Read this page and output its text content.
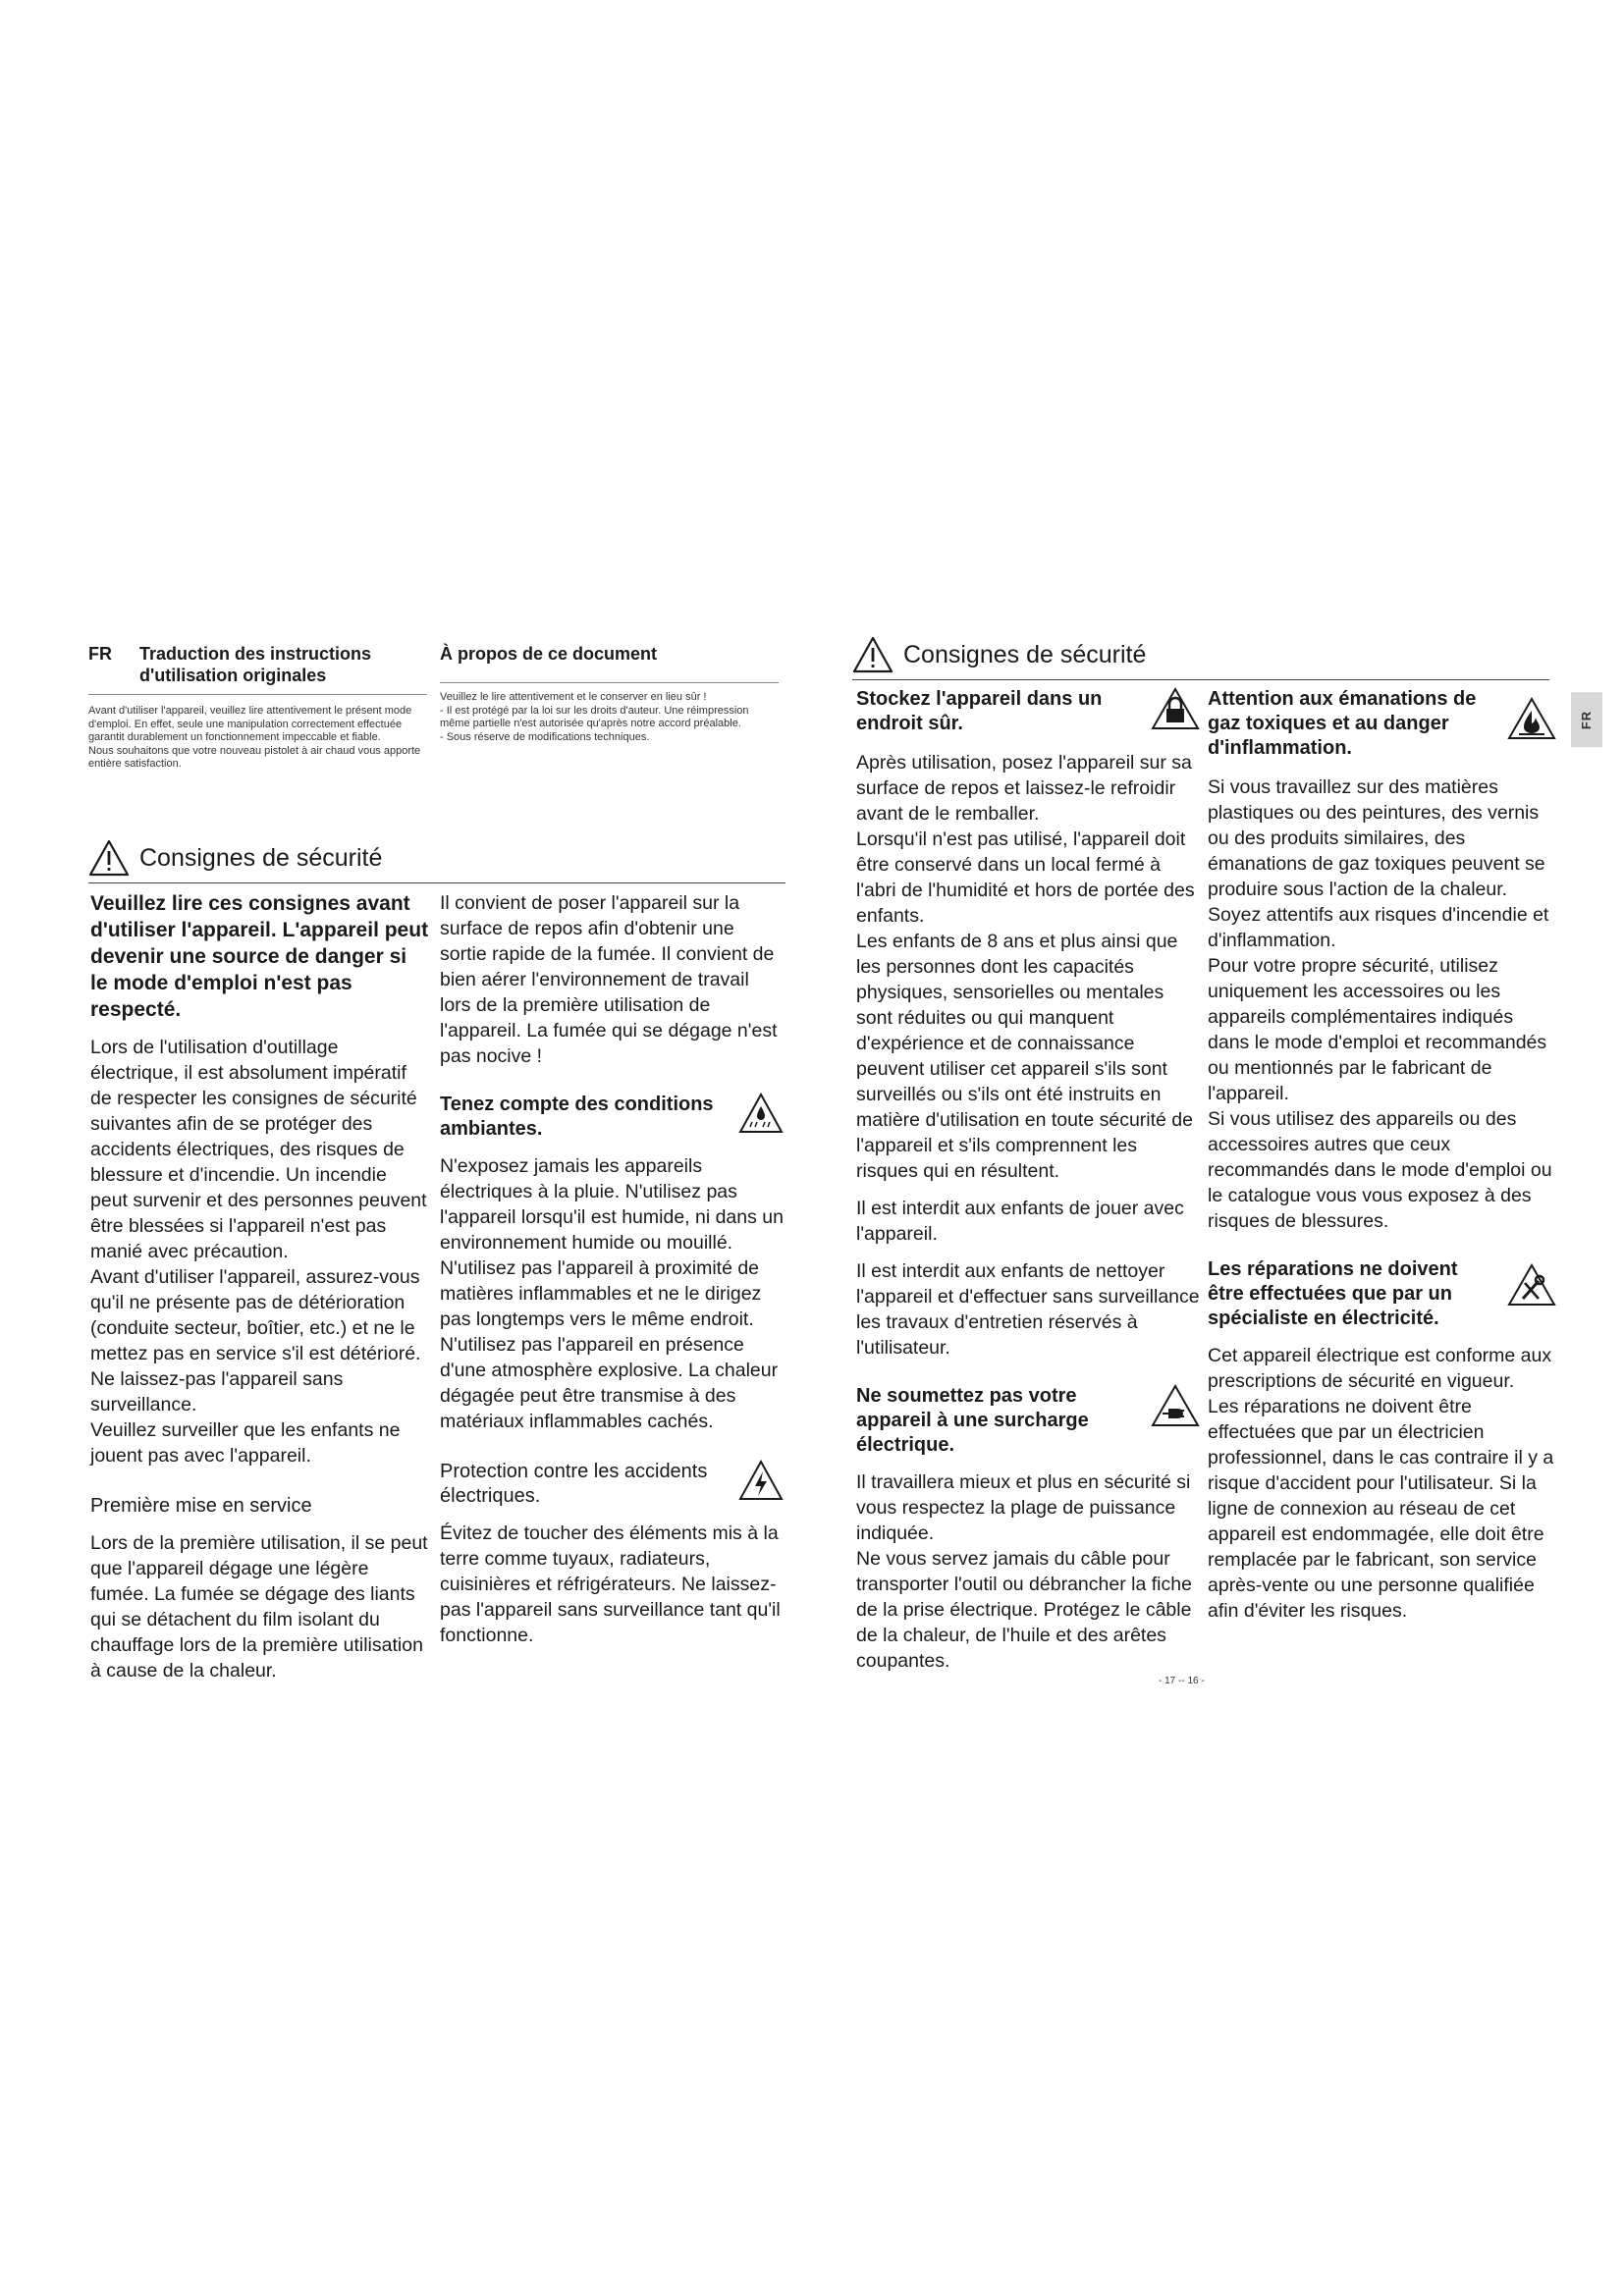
FR Traduction des instructions d'utilisation originales
Avant d'utiliser l'appareil, veuillez lire attentivement le présent mode d'emploi. En effet, seule une manipulation correctement effectuée garantit durablement un fonctionnement impeccable et fiable.
Nous souhaitons que votre nouveau pistolet à air chaud vous apporte entière satisfaction.
À propos de ce document
Veuillez le lire attentivement et le conserver en lieu sûr !
- Il est protégé par la loi sur les droits d'auteur. Une réimpression même partielle n'est autorisée qu'après notre accord préalable.
- Sous réserve de modifications techniques.
Consignes de sécurité

Veuillez lire ces consignes avant d'utiliser l'appareil. L'appareil peut devenir une source de danger si le mode d'emploi n'est pas respecté.

Lors de l'utilisation d'outillage électrique, il est absolument impératif de respecter les consignes de sécurité suivantes afin de se protéger des accidents électriques, des risques de blessure et d'incendie. Un incendie peut survenir et des personnes peuvent être blessées si l'appareil n'est pas manié avec précaution.

Avant d'utiliser l'appareil, assurez-vous qu'il ne présente pas de détérioration (conduite secteur, boîtier, etc.) et ne le mettez pas en service s'il est détérioré.

Ne laissez-pas l'appareil sans surveillance.

Veuillez surveiller que les enfants ne jouent pas avec l'appareil.

Première mise en service

Lors de la première utilisation, il se peut que l'appareil dégage une légère fumée. La fumée se dégage des liants qui se détachent du film isolant du chauffage lors de la première utilisation à cause de la chaleur.

Il convient de poser l'appareil sur la surface de repos afin d'obtenir une sortie rapide de la fumée. Il convient de bien aérer l'environnement de travail lors de la première utilisation de l'appareil. La fumée qui se dégage n'est pas nocive !

Tenez compte des conditions ambiantes.

N'exposez jamais les appareils électriques à la pluie. N'utilisez pas l'appareil lorsqu'il est humide, ni dans un environnement humide ou mouillé.

N'utilisez pas l'appareil à proximité de matières inflammables et ne le dirigez pas longtemps vers le même endroit.

N'utilisez pas l'appareil en présence d'une atmosphère explosive. La chaleur dégagée peut être transmise à des matériaux inflammables cachés.

Protection contre les accidents électriques.

Évitez de toucher des éléments mis à la terre comme tuyaux, radiateurs, cuisinières et réfrigérateurs. Ne laissez-pas l'appareil sans surveillance tant qu'il fonctionne.

Consignes de sécurité
FR
Stockez l'appareil dans un endroit sûr.

Après utilisation, posez l'appareil sur sa surface de repos et laissez-le refroidir avant de le remballer.

Lorsqu'il n'est pas utilisé, l'appareil doit être conservé dans un local fermé à l'abri de l'humidité et hors de portée des enfants.

Les enfants de 8 ans et plus ainsi que les personnes dont les capacités physiques, sensorielles ou mentales sont réduites ou qui manquent d'expérience et de connaissance peuvent utiliser cet appareil s'ils sont surveillés ou s'ils ont été instruits en matière d'utilisation en toute sécurité de l'appareil et s'ils comprennent les risques qui en résultent.

Il est interdit aux enfants de jouer avec l'appareil.

Il est interdit aux enfants de nettoyer l'appareil et d'effectuer sans surveillance les travaux d'entretien réservés à l'utilisateur.

Ne soumettez pas votre appareil à une surcharge électrique.

Il travaillera mieux et plus en sécurité si vous respectez la plage de puissance indiquée.

Ne vous servez jamais du câble pour transporter l'outil ou débrancher la fiche de la prise électrique. Protégez le câble de la chaleur, de l'huile et des arêtes coupantes.

Attention aux émanations de gaz toxiques et au danger d'inflammation.

Si vous travaillez sur des matières plastiques ou des peintures, des vernis ou des produits similaires, des émanations de gaz toxiques peuvent se produire sous l'action de la chaleur. Soyez attentifs aux risques d'incendie et d'inflammation.

Pour votre propre sécurité, utilisez uniquement les accessoires ou les appareils complémentaires indiqués dans le mode d'emploi et recommandés ou mentionnés par le fabricant de l'appareil.

Si vous utilisez des appareils ou des accessoires autres que ceux recommandés dans le mode d'emploi ou le catalogue vous vous exposez à des risques de blessures.

Les réparations ne doivent être effectuées que par un spécialiste en électricité.

Cet appareil électrique est conforme aux prescriptions de sécurité en vigueur.

Les réparations ne doivent être effectuées que par un électricien professionnel, dans le cas contraire il y a risque d'accident pour l'utilisateur. Si la ligne de connexion au réseau de cet appareil est endommagée, elle doit être remplacée par le fabricant, son service après-vente ou une personne qualifiée afin d'éviter les risques.

- 17 -- 16 -
